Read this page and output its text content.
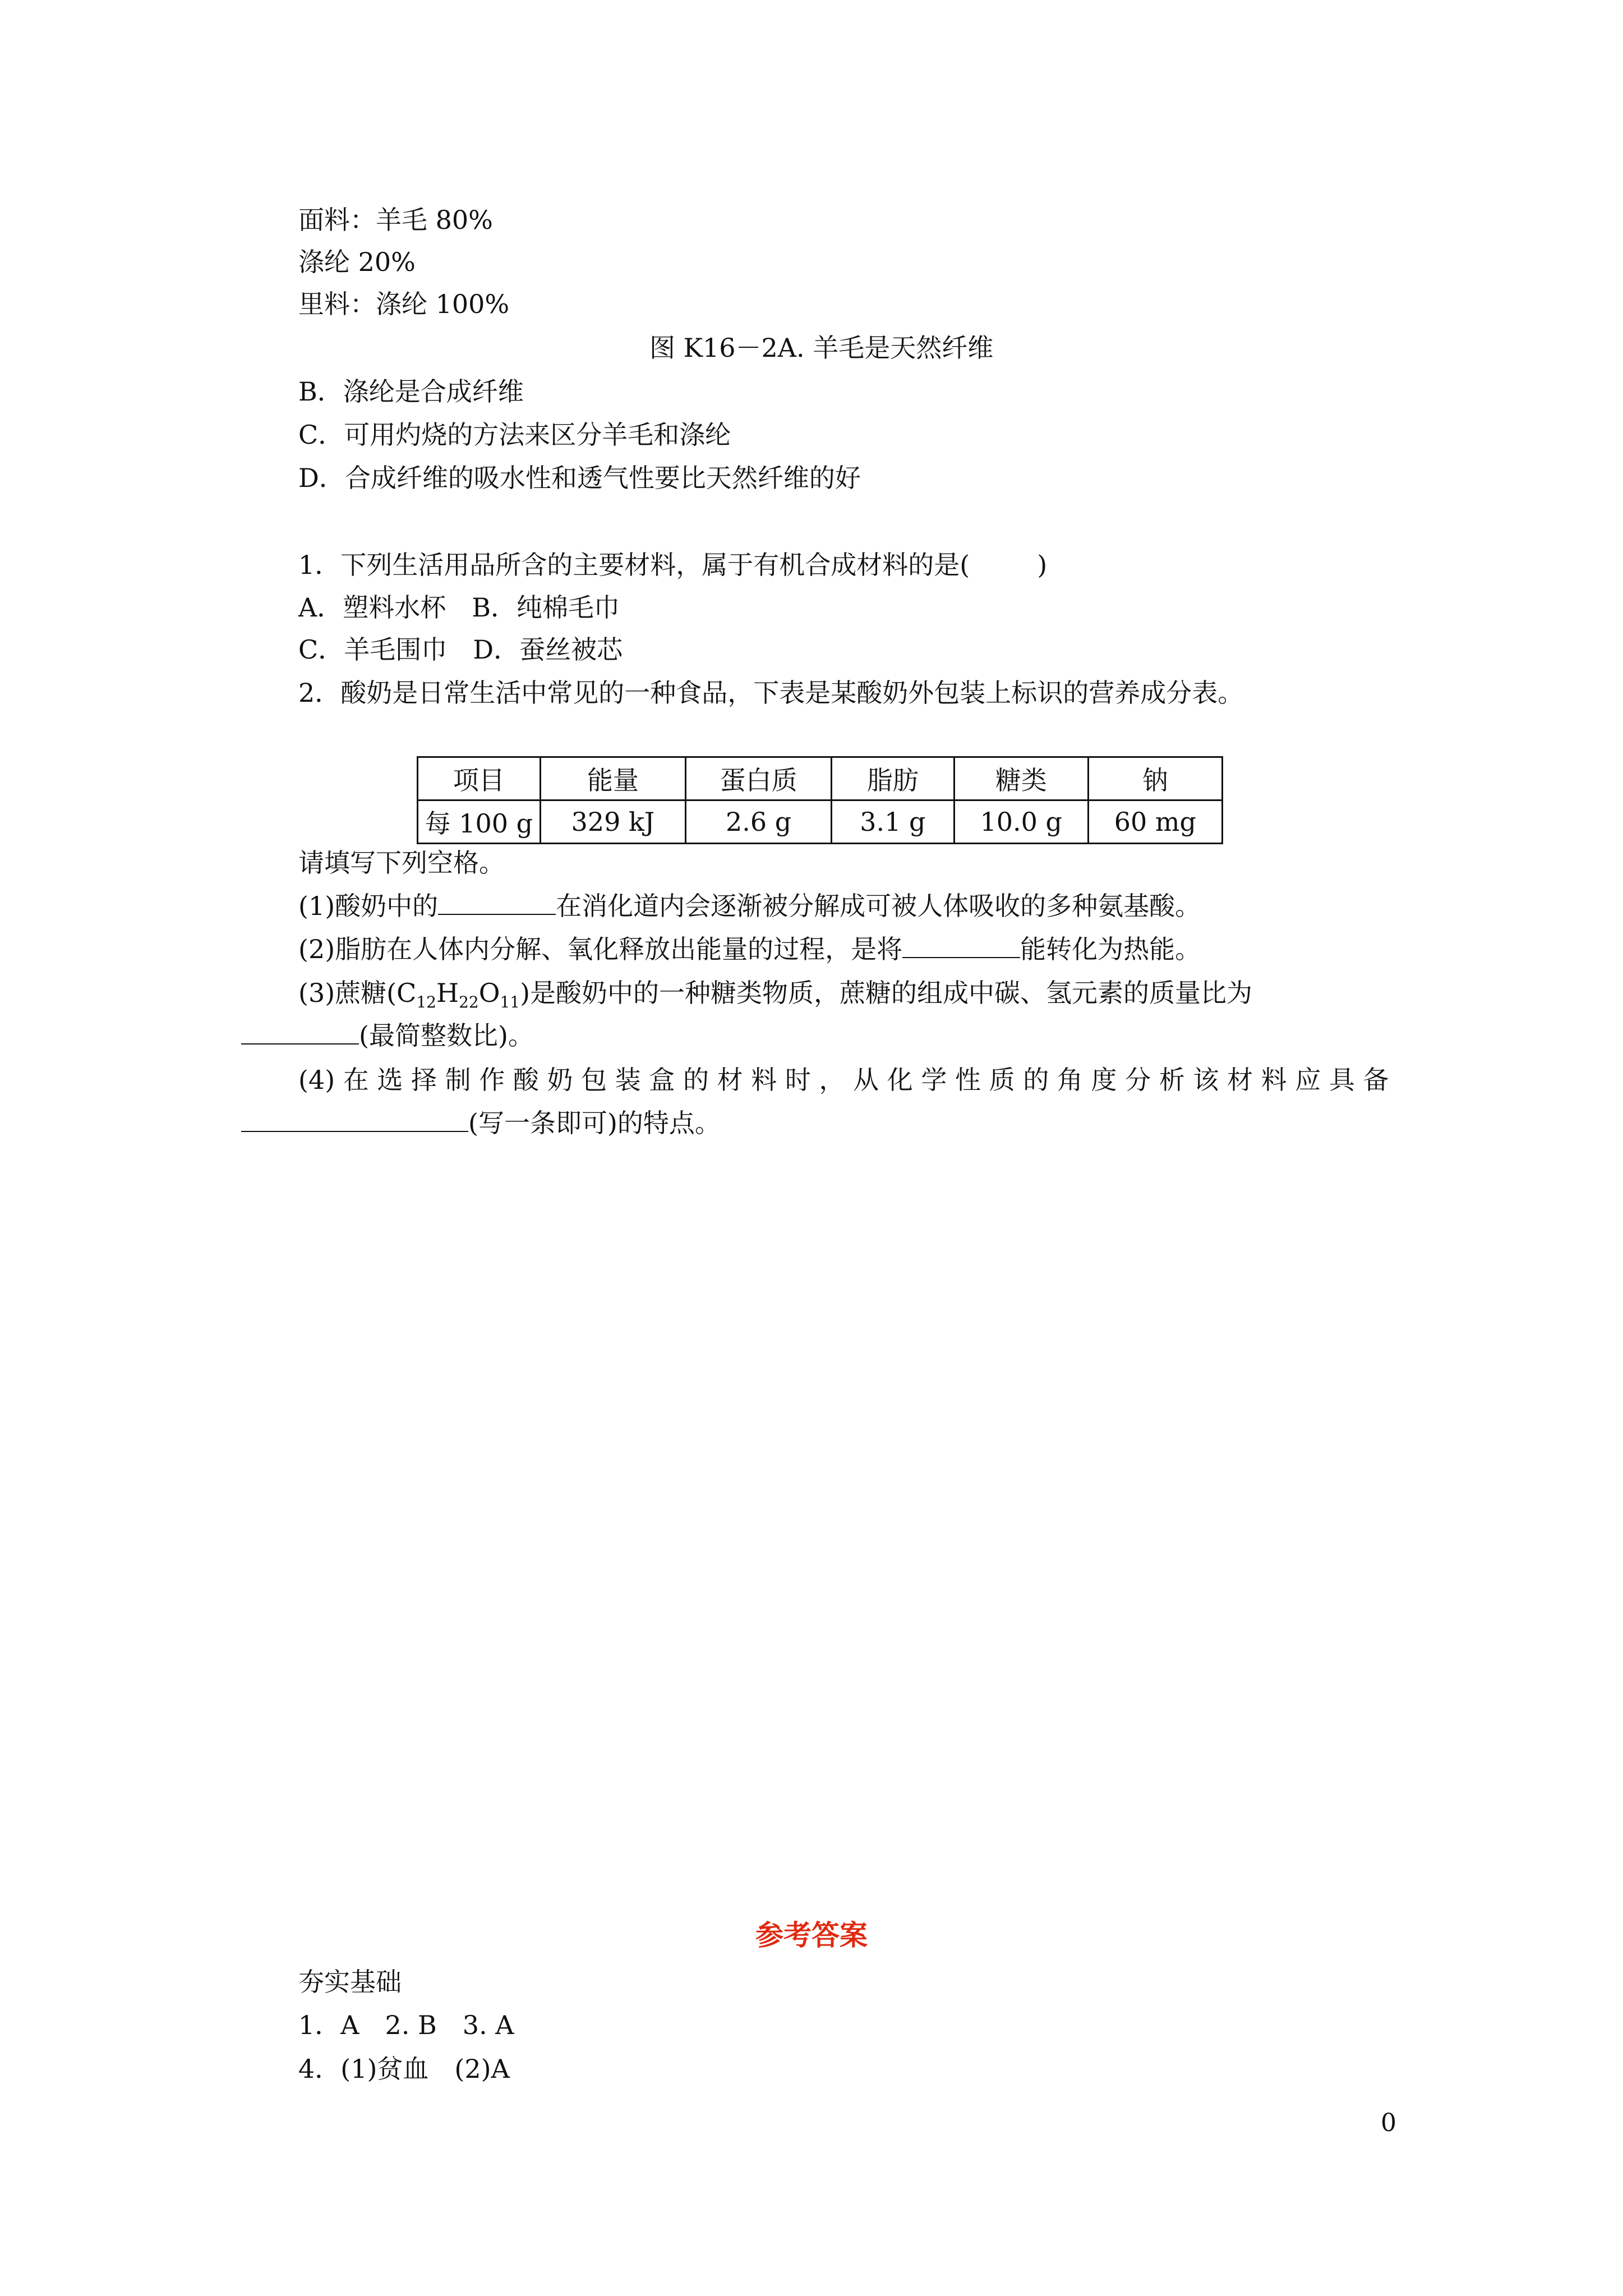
面料：羊毛 80%
涤纶 20%
里料：涤纶 100%
图 K16－2A. 羊毛是天然纤维
B．涤纶是合成纤维
C．可用灼烧的方法来区分羊毛和涤纶
D．合成纤维的吸水性和透气性要比天然纤维的好
1．下列生活用品所含的主要材料，属于有机合成材料的是(	)
A．塑料水杯　B．纯棉毛巾
C．羊毛围巾　D．蚕丝被芯
2．酸奶是日常生活中常见的一种食品，下表是某酸奶外包装上标识的营养成分表。
项目	能量	蛋白质	脂肪	糖类	钠
每 100 g	329 kJ	2.6 g	3.1 g	10.0 g	60 mg
请填写下列空格。
(1)酸奶中的	在消化道内会逐渐被分解成可被人体吸收的多种氨基酸。
(2)脂肪在人体内分解、氧化释放出能量的过程，是将	能转化为热能。
(3)蔗糖$(C_{12}H_{22}O_{11})$是酸奶中的一种糖类物质，蔗糖的组成中碳、氢元素的质量比为
(最简整数比)。
(4) 在 选 择 制 作 酸 奶 包 装 盒 的 材 料 时 ， 从 化 学 性 质 的 角 度 分 析 该 材 料 应 具 备
(写一条即可)的特点。
参考答案
夯实基础
1．A　2. B　3. A
4．(1)贫血　(2)A
0
